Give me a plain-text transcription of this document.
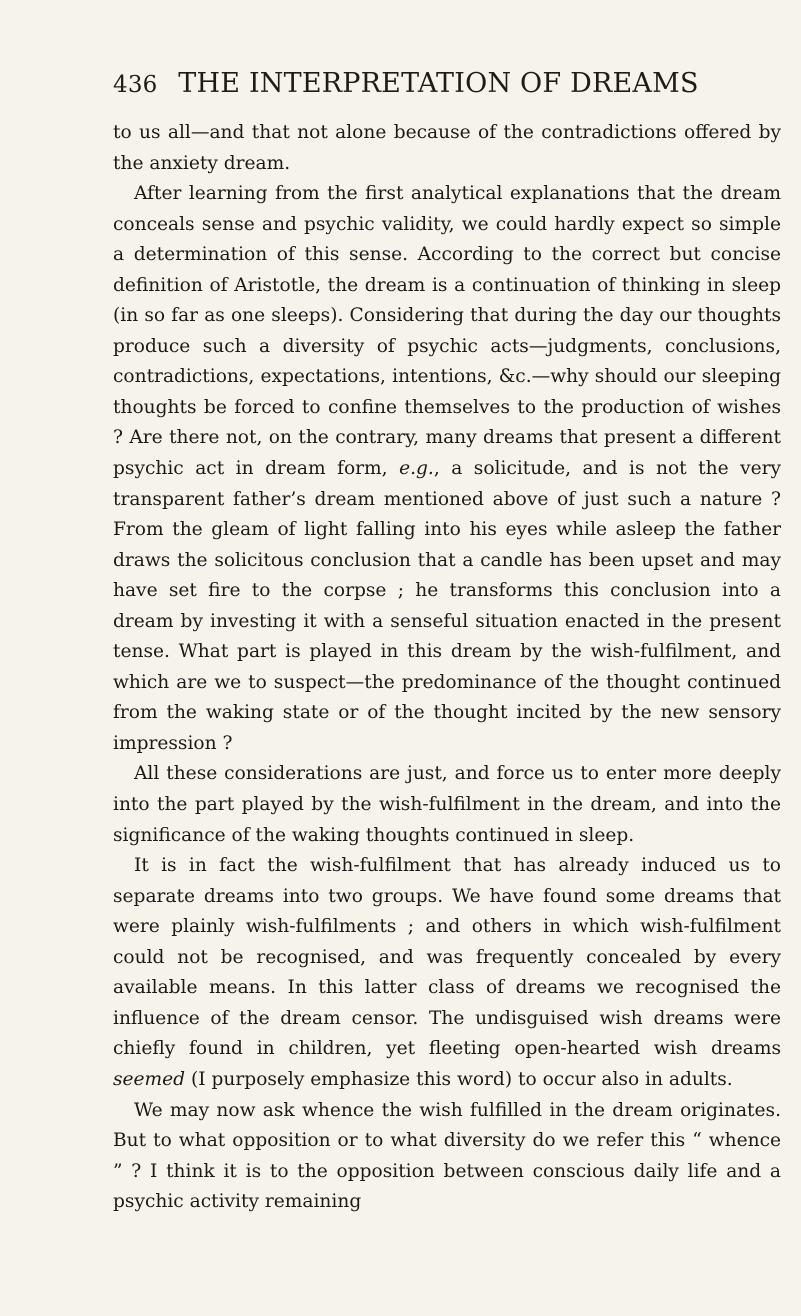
436 THE INTERPRETATION OF DREAMS

to us all—and that not alone because of the contradictions offered by the anxiety dream.

After learning from the first analytical explanations that the dream conceals sense and psychic validity, we could hardly expect so simple a determination of this sense. According to the correct but concise definition of Aristotle, the dream is a continuation of thinking in sleep (in so far as one sleeps). Considering that during the day our thoughts produce such a diversity of psychic acts—judgments, conclusions, contradictions, expectations, intentions, &c.—why should our sleeping thoughts be forced to confine themselves to the production of wishes ? Are there not, on the contrary, many dreams that present a different psychic act in dream form, e.g., a solicitude, and is not the very transparent father’s dream mentioned above of just such a nature ? From the gleam of light falling into his eyes while asleep the father draws the solicitous conclusion that a candle has been upset and may have set fire to the corpse ; he transforms this conclusion into a dream by investing it with a senseful situation enacted in the present tense. What part is played in this dream by the wish-fulfilment, and which are we to suspect—the predominance of the thought continued from the waking state or of the thought incited by the new sensory impression ?

All these considerations are just, and force us to enter more deeply into the part played by the wish-fulfilment in the dream, and into the significance of the waking thoughts continued in sleep.

It is in fact the wish-fulfilment that has already induced us to separate dreams into two groups. We have found some dreams that were plainly wish-fulfilments ; and others in which wish-fulfilment could not be recognised, and was frequently concealed by every available means. In this latter class of dreams we recognised the influence of the dream censor. The undisguised wish dreams were chiefly found in children, yet fleeting open-hearted wish dreams seemed (I purposely emphasize this word) to occur also in adults.

We may now ask whence the wish fulfilled in the dream originates. But to what opposition or to what diversity do we refer this “ whence ” ? I think it is to the opposition between conscious daily life and a psychic activity remaining
